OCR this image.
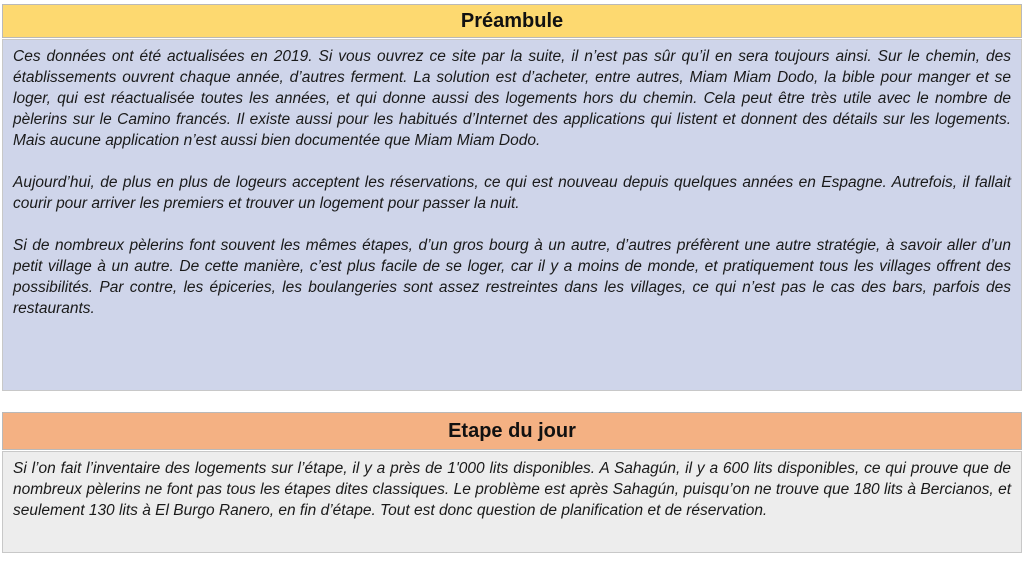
Préambule

Ces données ont été actualisées en 2019. Si vous ouvrez ce site par la suite, il n’est pas sûr qu’il en sera toujours ainsi. Sur le chemin, des établissements ouvrent chaque année, d’autres ferment. La solution est d’acheter, entre autres, Miam Miam Dodo, la bible pour manger et se loger, qui est réactualisée toutes les années, et qui donne aussi des logements hors du chemin. Cela peut être très utile avec le nombre de pèlerins sur le Camino francés. Il existe aussi pour les habitués d’Internet des applications qui listent et donnent des détails sur les logements. Mais aucune application n’est aussi bien documentée que Miam Miam Dodo.

Aujourd’hui, de plus en plus de logeurs acceptent les réservations, ce qui est nouveau depuis quelques années en Espagne. Autrefois, il fallait courir pour arriver les premiers et trouver un logement pour passer la nuit.

Si de nombreux pèlerins font souvent les mêmes étapes, d’un gros bourg à un autre, d’autres préfèrent une autre stratégie, à savoir aller d’un petit village à un autre. De cette manière, c’est plus facile de se loger, car il y a moins de monde, et pratiquement tous les villages offrent des possibilités. Par contre, les épiceries, les boulangeries sont assez restreintes dans les villages, ce qui n’est pas le cas des bars, parfois des restaurants.

Etape du jour

Si l’on fait l’inventaire des logements sur l’étape, il y a près de 1'000 lits disponibles. A Sahagún, il y a 600 lits disponibles, ce qui prouve que de nombreux pèlerins ne font pas tous les étapes dites classiques. Le problème est après Sahagún, puisqu’on ne trouve que 180 lits à Bercianos, et seulement 130 lits à El Burgo Ranero, en fin d’étape. Tout est donc question de planification et de réservation.
